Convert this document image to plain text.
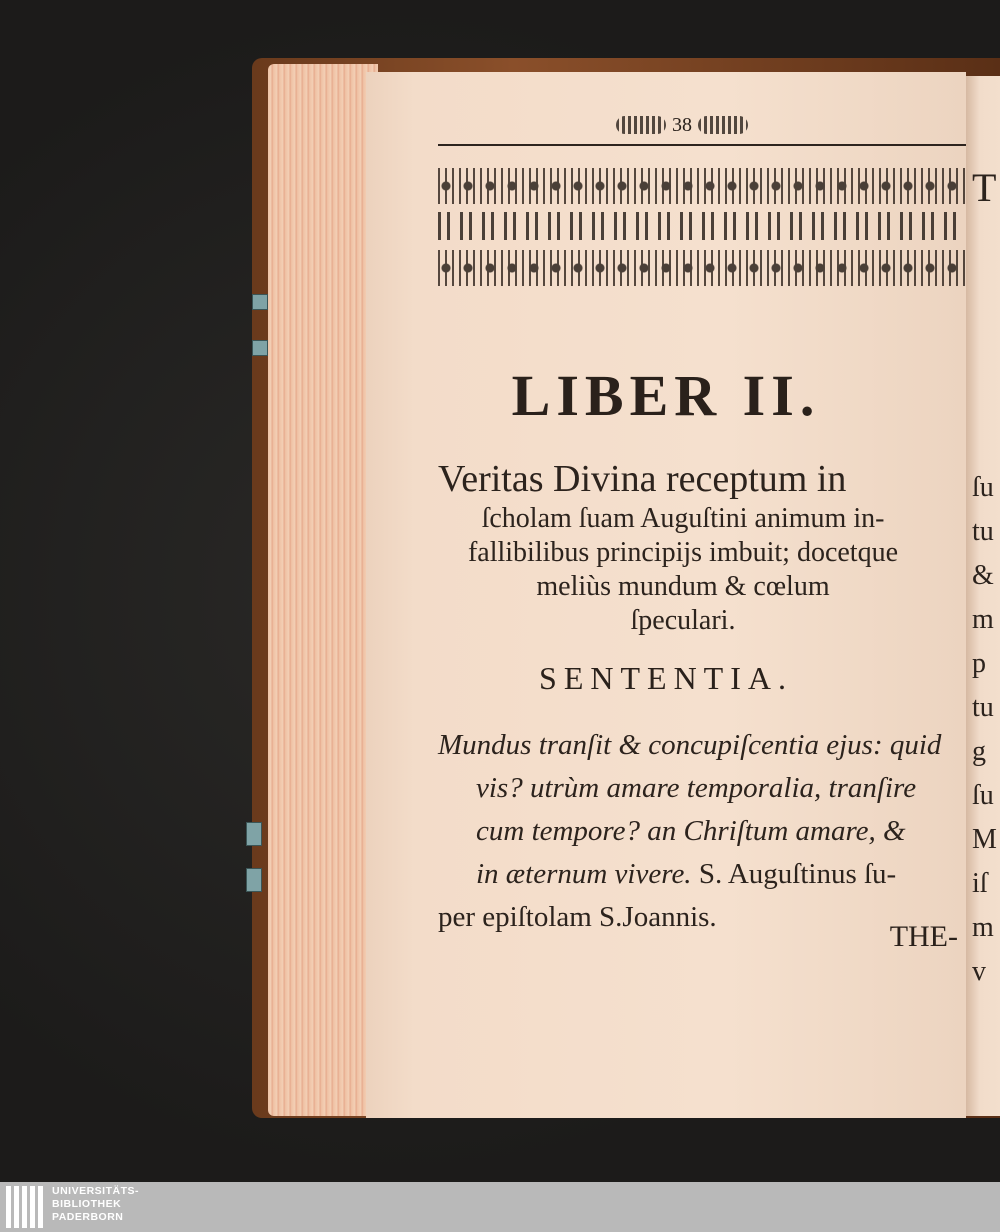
38
LIBER II.
Veritas Divina receptum in
ſcholam ſuam Auguſtini animum in-
fallibilibus principijs imbuit; docetque
meliùs mundum & cœlum
ſpeculari.
SENTENTIA.
Mundus tranſit & concupiſcentia ejus: quid
vis? utrùm amare temporalia, tranſire
cum tempore? an Chriſtum amare, &
in æternum vivere. S. Auguſtinus ſu-
per epiſtolam S.Joannis.
THE-
T
ſu
tu
&
m
p
tu
g
ſu
M
iſ
m
v
UNIVERSITÄTS-
BIBLIOTHEK
PADERBORN
